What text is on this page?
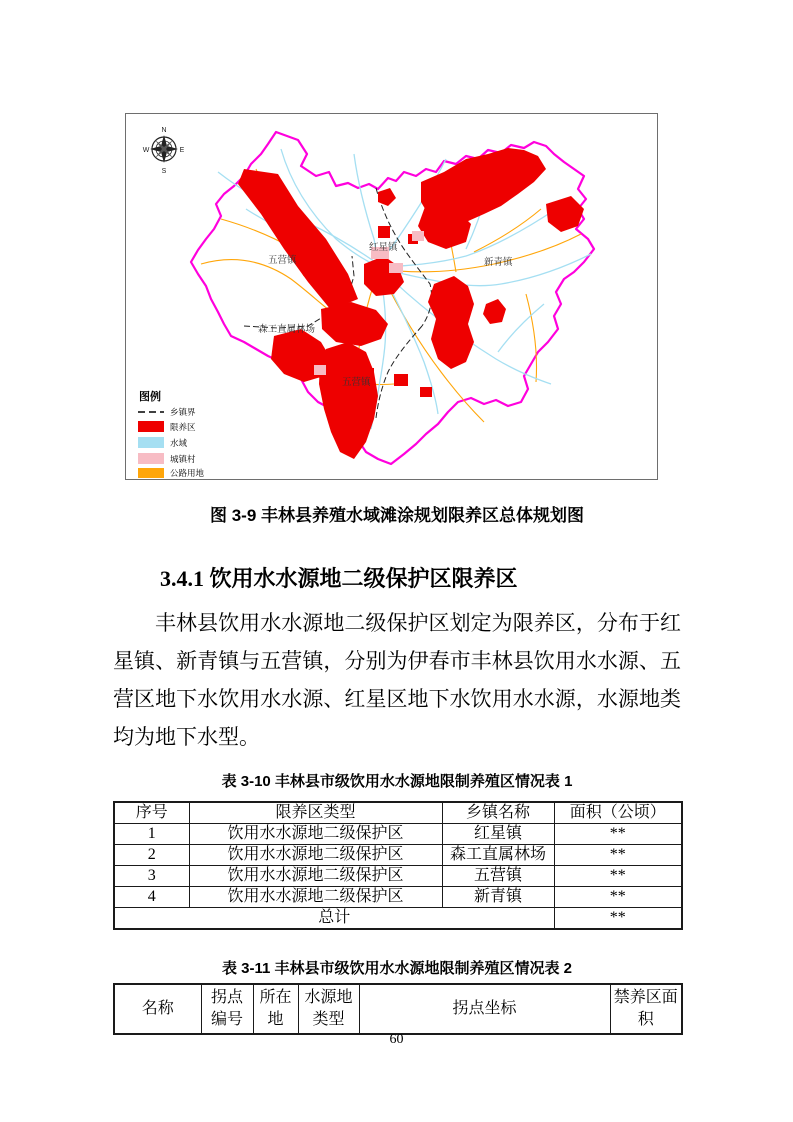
五营镇
红星镇
新青镇
森工直属林场
五营镇
N
E
S
W
图例
乡镇界
限养区
水域
城镇村
公路用地
图 3-9 丰林县养殖水域滩涂规划限养区总体规划图
3.4.1 饮用水水源地二级保护区限养区
丰林县饮用水水源地二级保护区划定为限养区，分布于红星镇、新青镇与五营镇，分别为伊春市丰林县饮用水水源、五营区地下水饮用水水源、红星区地下水饮用水水源，水源地类均为地下水型。
表 3-10 丰林县市级饮用水水源地限制养殖区情况表 1
序号	限养区类型	乡镇名称	面积（公顷）
1	饮用水水源地二级保护区	红星镇	**
2	饮用水水源地二级保护区	森工直属林场	**
3	饮用水水源地二级保护区	五营镇	**
4	饮用水水源地二级保护区	新青镇	**
总计			**
表 3-11 丰林县市级饮用水水源地限制养殖区情况表 2
名称	拐点编号	所在地	水源地类型	拐点坐标	禁养区面积
60
